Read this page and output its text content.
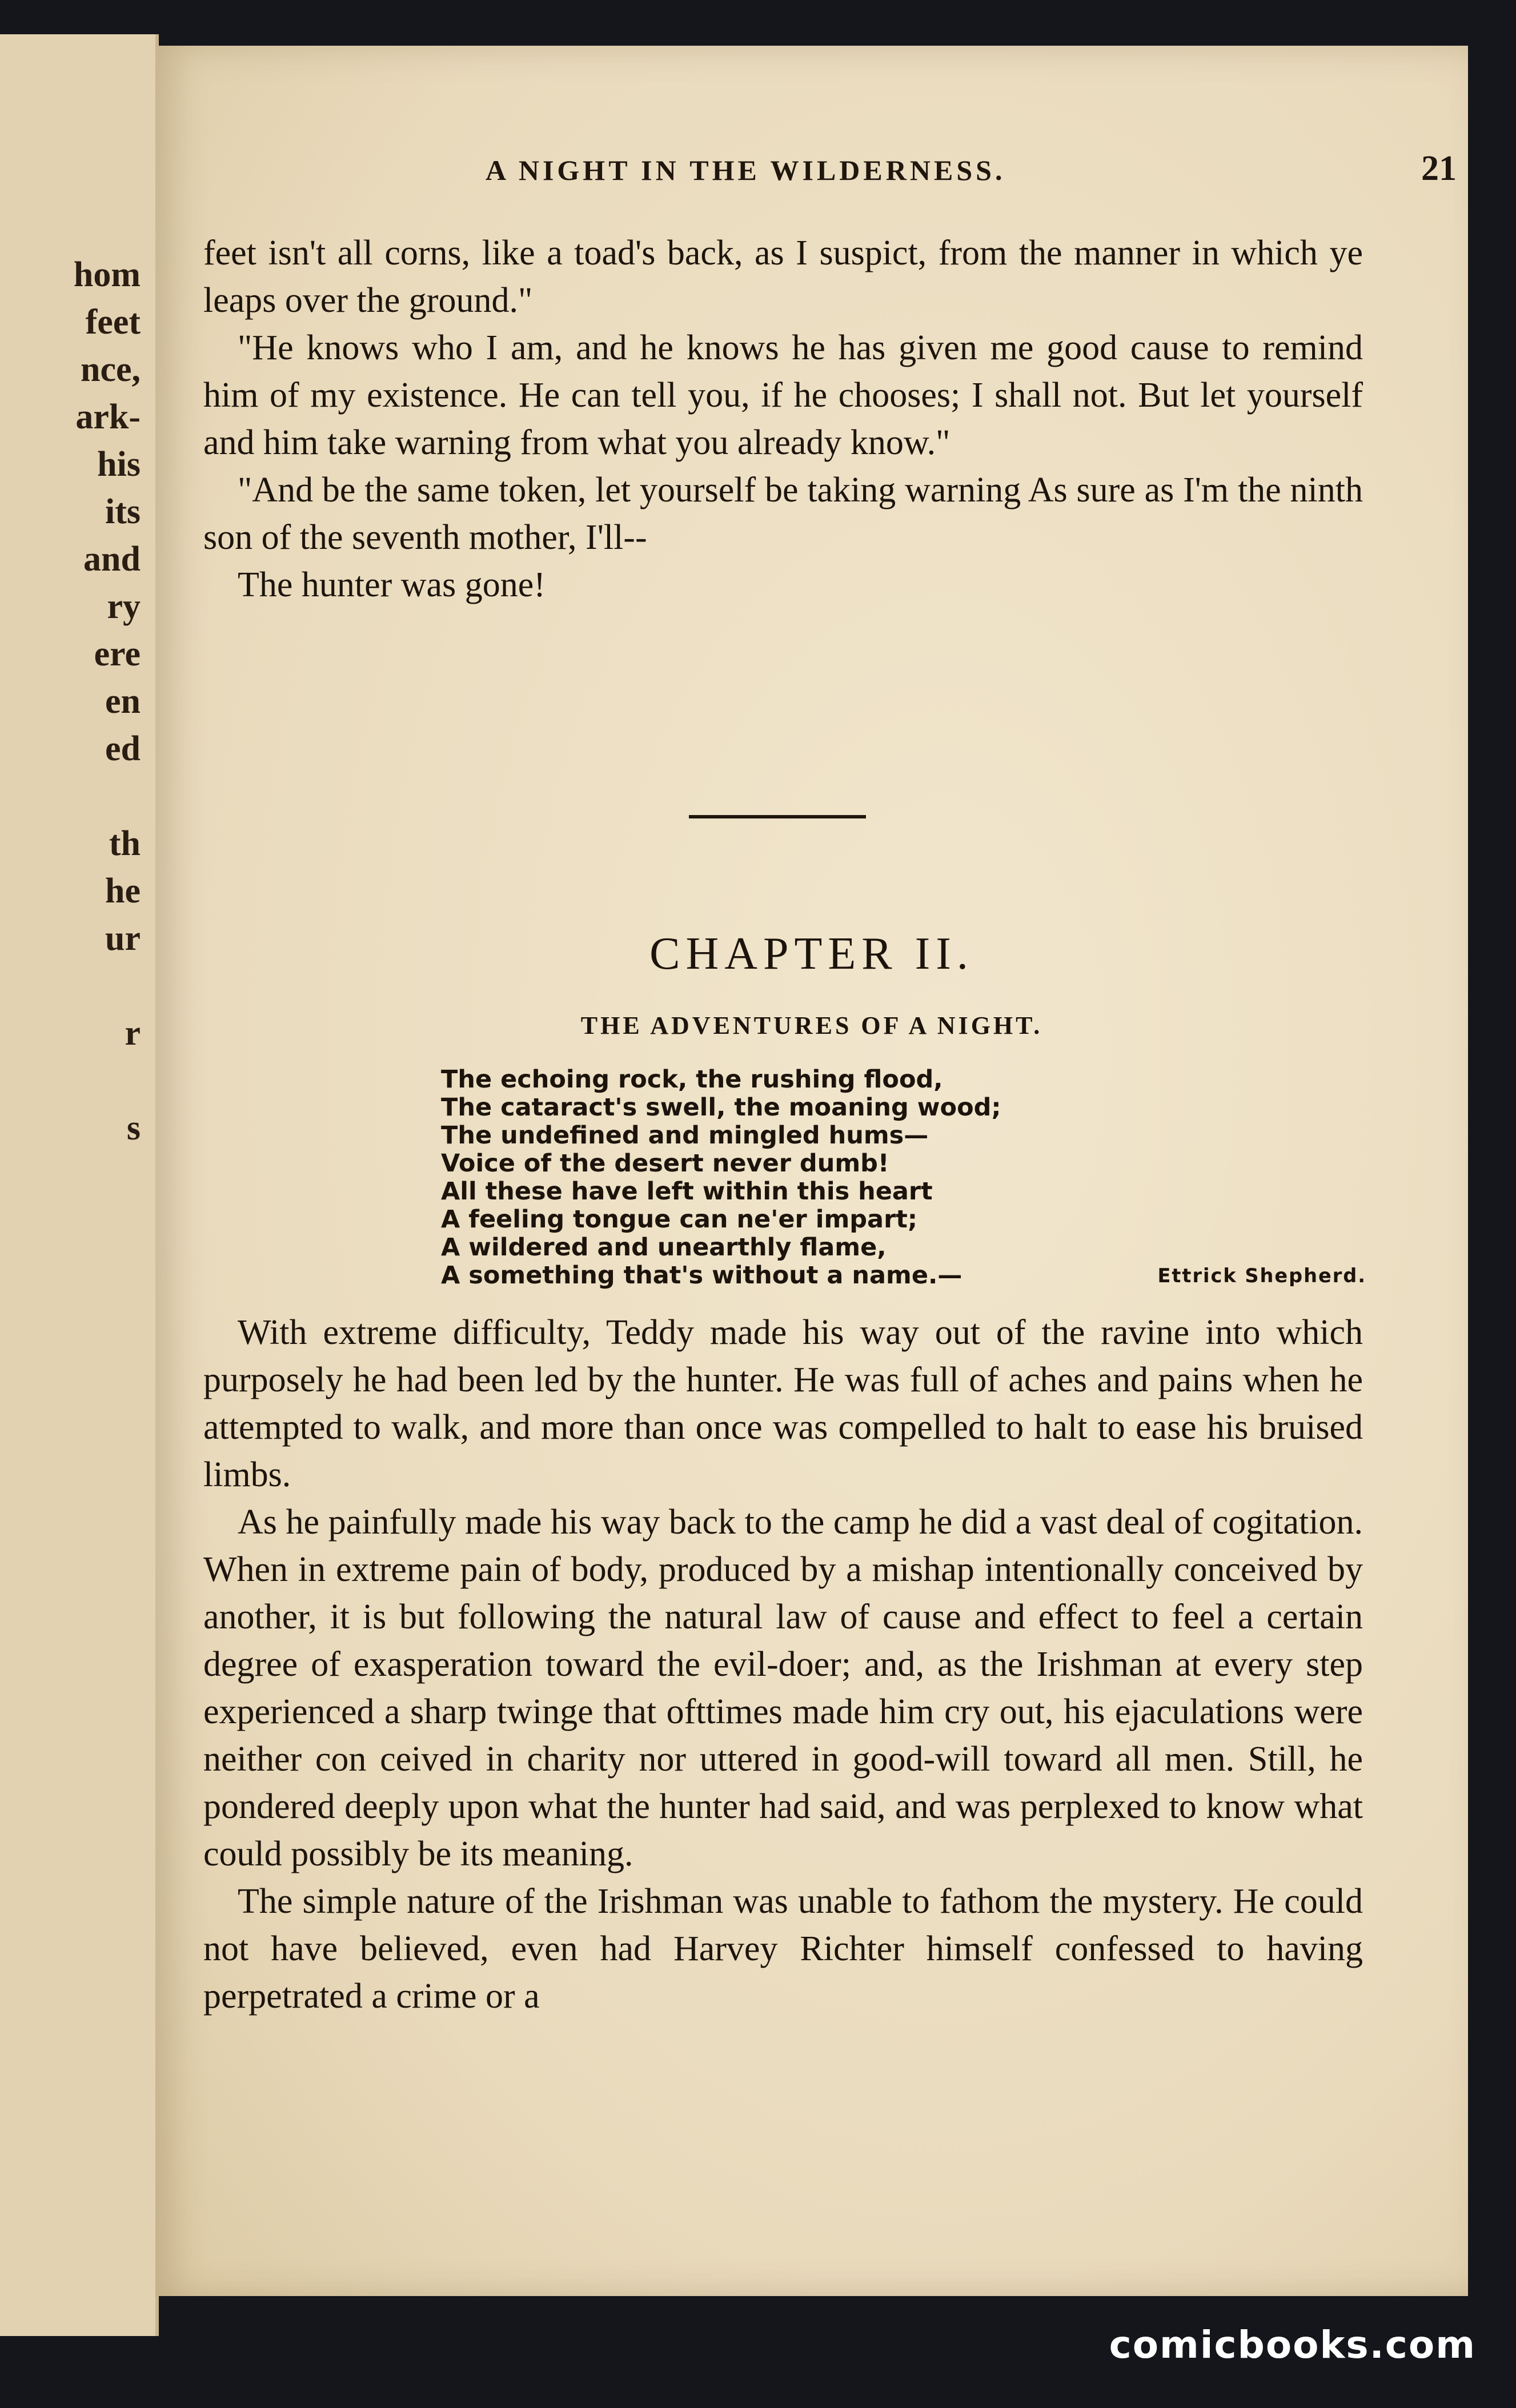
hom
feet
nce,
ark-
his
its
and
ry
ere
en
ed
th
he
ur
r
s
A NIGHT IN THE WILDERNESS.	21

feet isn't all corns, like a toad's back, as I suspict, from the manner in which ye leaps over the ground."

"He knows who I am, and he knows he has given me good cause to remind him of my existence. He can tell you, if he chooses; I shall not. But let yourself and him take warning from what you already know."

"And be the same token, let yourself be taking warning As sure as I'm the ninth son of the seventh mother, I'll--

The hunter was gone!

CHAPTER II.
THE ADVENTURES OF A NIGHT.
The echoing rock, the rushing flood,
The cataract's swell, the moaning wood;
The undefined and mingled hums—
Voice of the desert never dumb!
All these have left within this heart
A feeling tongue can ne'er impart;
A wildered and unearthly flame,
A something that's without a name.—	Ettrick Shepherd.

With extreme difficulty, Teddy made his way out of the ravine into which purposely he had been led by the hunter. He was full of aches and pains when he attempted to walk, and more than once was compelled to halt to ease his bruised limbs.

As he painfully made his way back to the camp he did a vast deal of cogitation. When in extreme pain of body, produced by a mishap intentionally conceived by another, it is but following the natural law of cause and effect to feel a certain degree of exasperation toward the evil-doer; and, as the Irishman at every step experienced a sharp twinge that ofttimes made him cry out, his ejaculations were neither con ceived in charity nor uttered in good-will toward all men. Still, he pondered deeply upon what the hunter had said, and was perplexed to know what could possibly be its meaning.

The simple nature of the Irishman was unable to fathom the mystery. He could not have believed, even had Harvey Richter himself confessed to having perpetrated a crime or a

comicbooks.com
